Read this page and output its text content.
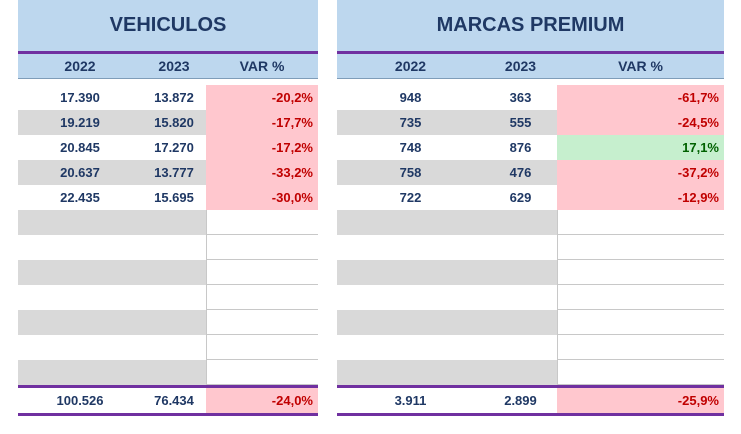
VEHICULOS
2022	2023	VAR %
17.390	13.872	-20,2%
19.219	15.820	-17,7%
20.845	17.270	-17,2%
20.637	13.777	-33,2%
22.435	15.695	-30,0%
100.526	76.434	-24,0%
MARCAS PREMIUM
2022	2023	VAR %
948	363	-61,7%
735	555	-24,5%
748	876	17,1%
758	476	-37,2%
722	629	-12,9%
3.911	2.899	-25,9%
